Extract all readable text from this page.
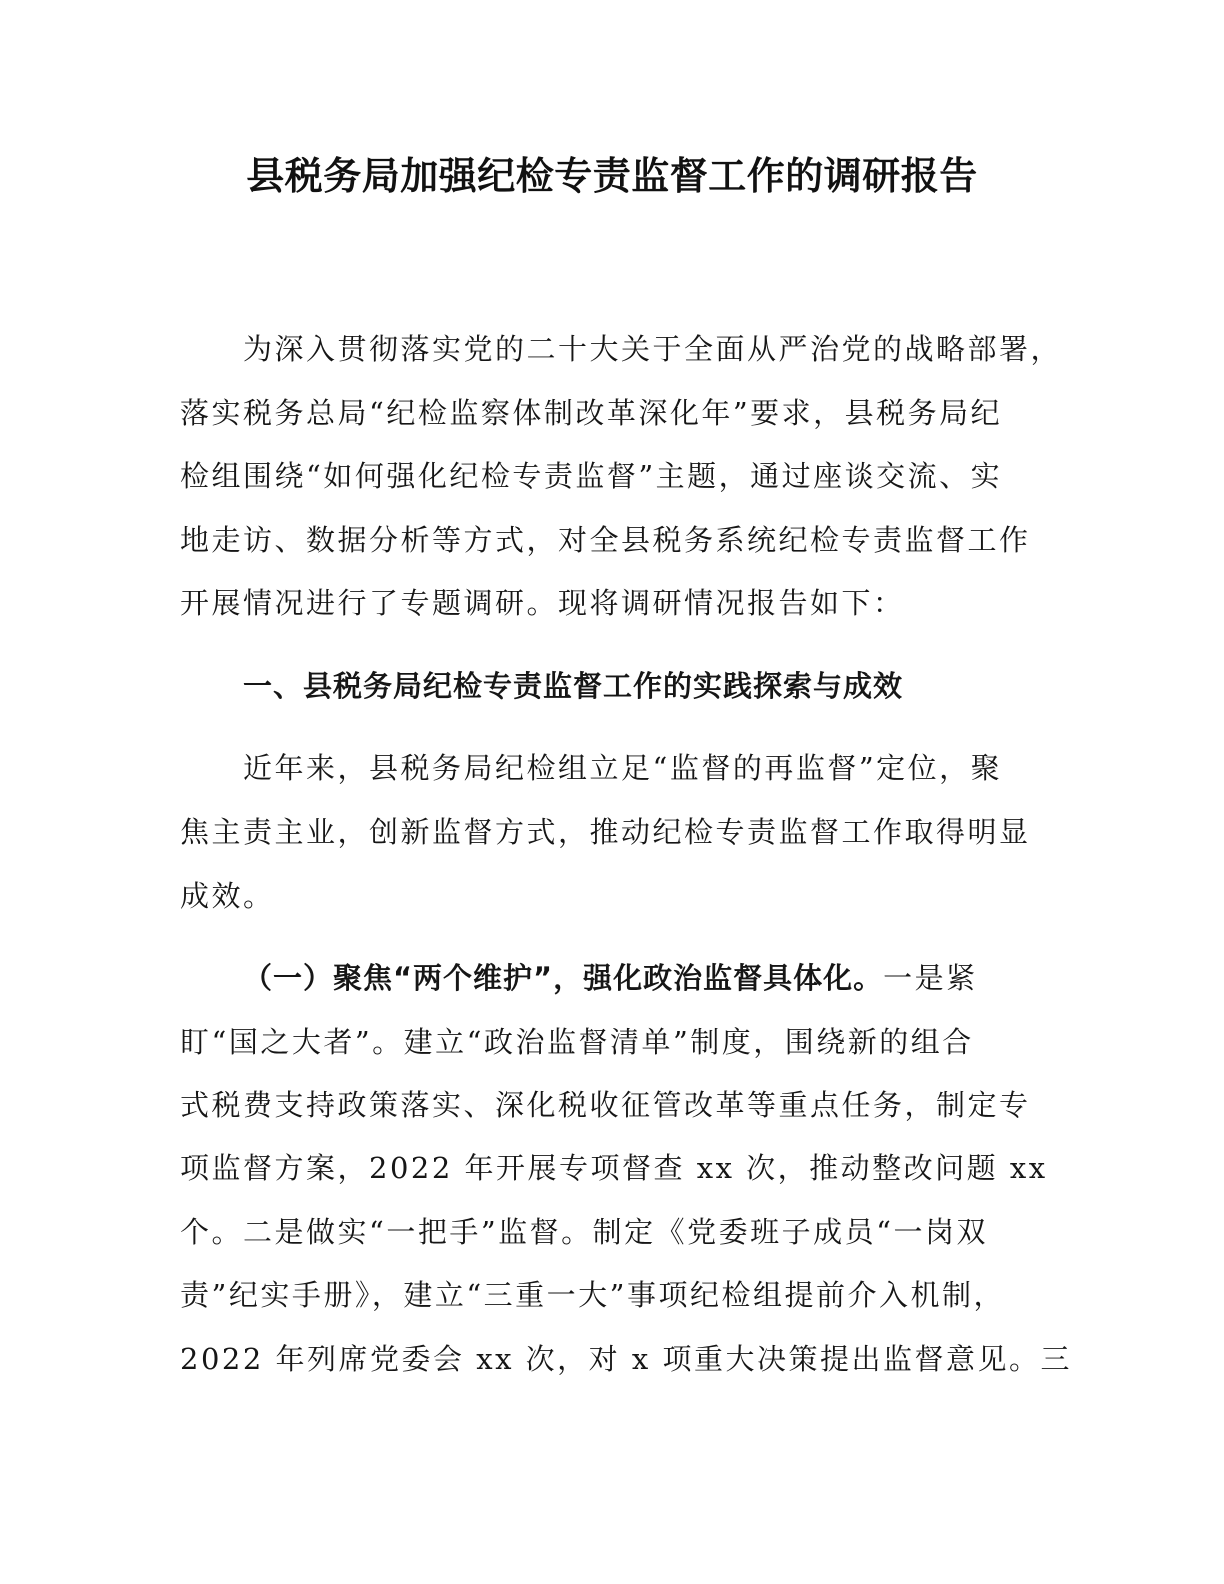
县税务局加强纪检专责监督工作的调研报告
为深入贯彻落实党的二十大关于全面从严治党的战略部署，
落实税务总局“纪检监察体制改革深化年”要求，县税务局纪
检组围绕“如何强化纪检专责监督”主题，通过座谈交流、实
地走访、数据分析等方式，对全县税务系统纪检专责监督工作
开展情况进行了专题调研。现将调研情况报告如下：
一、县税务局纪检专责监督工作的实践探索与成效
近年来，县税务局纪检组立足“监督的再监督”定位，聚
焦主责主业，创新监督方式，推动纪检专责监督工作取得明显
成效。
（一）聚焦“两个维护”，强化政治监督具体化。一是紧
盯“国之大者”。建立“政治监督清单”制度，围绕新的组合
式税费支持政策落实、深化税收征管改革等重点任务，制定专
项监督方案，2022 年开展专项督查 xx 次，推动整改问题 xx
个。二是做实“一把手”监督。制定《党委班子成员“一岗双
责”纪实手册》，建立“三重一大”事项纪检组提前介入机制，
2022 年列席党委会 xx 次，对 x 项重大决策提出监督意见。三
